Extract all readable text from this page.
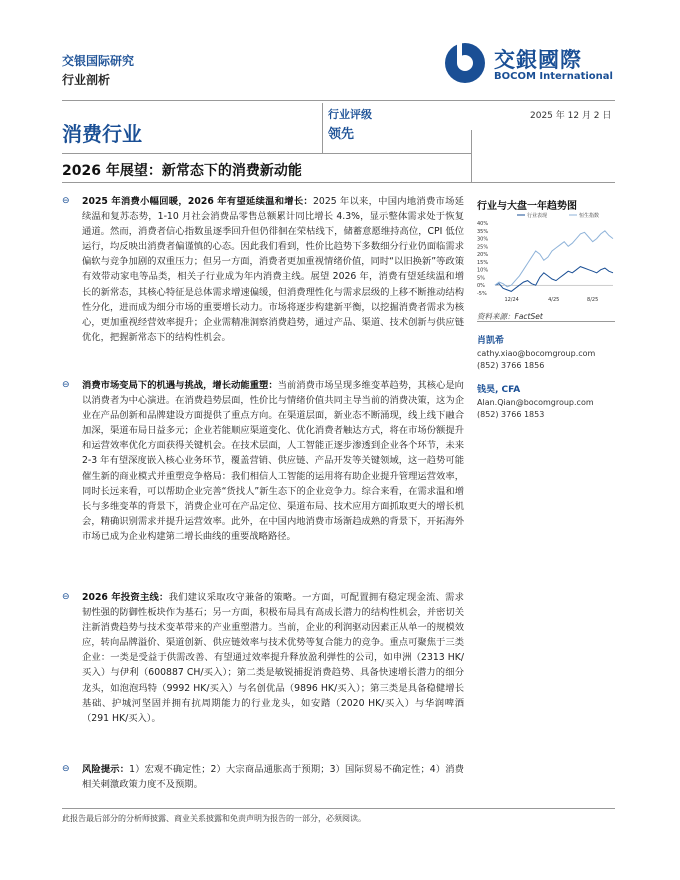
交银国际研究
行业剖析
交銀國際
BOCOM International
消费行业
行业评级
领先
2025 年 12 月 2 日
2026 年展望：新常态下的消费新动能
⊖	2025 年消费小幅回暖，2026 年有望延续温和增长：2025 年以来，中国内地消费市场延续温和复苏态势，1-10 月社会消费品零售总额累计同比增长 4.3%，显示整体需求处于恢复通道。然而，消费者信心指数虽逐季回升但仍徘徊在荣枯线下，储蓄意愿维持高位，CPI 低位运行，均反映出消费者偏谨慎的心态。因此我们看到，性价比趋势下多数细分行业仍面临需求偏软与竞争加剧的双重压力；但另一方面，消费者更加重视情绪价值，同时“以旧换新”等政策有效带动家电等品类，相关子行业成为年内消费主线。展望 2026 年，消费有望延续温和增长的新常态，其核心特征是总体需求增速偏缓，但消费理性化与需求层级的上移不断推动结构性分化，进而成为细分市场的重要增长动力。市场将逐步构建新平衡，以挖掘消费者需求为核心，更加重视经营效率提升；企业需精准洞察消费趋势，通过产品、渠道、技术创新与供应链优化，把握新常态下的结构性机会。
⊖	消费市场变局下的机遇与挑战，增长动能重塑：当前消费市场呈现多维变革趋势，其核心是向以消费者为中心演进。在消费趋势层面，性价比与情绪价值共同主导当前的消费决策，这为企业在产品创新和品牌建设方面提供了重点方向。在渠道层面，新业态不断涌现，线上线下融合加深，渠道布局日益多元；企业若能顺应渠道变化、优化消费者触达方式，将在市场份额提升和运营效率优化方面获得关键机会。在技术层面，人工智能正逐步渗透到企业各个环节，未来 2-3 年有望深度嵌入核心业务环节，覆盖营销、供应链、产品开发等关键领域，这一趋势可能催生新的商业模式并重塑竞争格局：我们相信人工智能的运用将有助企业提升管理运营效率，同时长远来看，可以帮助企业完善“货找人”新生态下的企业竞争力。综合来看，在需求温和增长与多维变革的背景下，消费企业可在产品定位、渠道布局、技术应用方面抓取更大的增长机会，精确识别需求并提升运营效率。此外，在中国内地消费市场渐趋成熟的背景下，开拓海外市场已成为企业构建第二增长曲线的重要战略路径。
⊖	2026 年投资主线：我们建议采取攻守兼备的策略。一方面，可配置拥有稳定现金流、需求韧性强的防御性板块作为基石；另一方面，积极布局具有高成长潜力的结构性机会，并密切关注新消费趋势与技术变革带来的产业重塑潜力。当前，企业的利润驱动因素正从单一的规模效应，转向品牌溢价、渠道创新、供应链效率与技术优势等复合能力的竞争。重点可聚焦于三类企业：一类是受益于供需改善、有望通过效率提升释放盈利弹性的公司，如申洲（2313 HK/买入）与伊利（600887 CH/买入）；第二类是敏锐捕捉消费趋势、具备快速增长潜力的细分龙头，如泡泡玛特（9992 HK/买入）与名创优品（9896 HK/买入）；第三类是具备稳健增长基础、护城河坚固并拥有抗周期能力的行业龙头，如安踏（2020 HK/买入）与华润啤酒（291 HK/买入）。
⊖	风险提示：1）宏观不确定性；2）大宗商品通胀高于预期；3）国际贸易不确定性；4）消费相关刺激政策力度不及预期。
行业与大盘一年趋势图
40%
35%
30%
25%
20%
15%
10%
5%
0%
-5%
12/24	4/25	8/25
行业表现	恒生指数
资料来源：FactSet
肖凯希
cathy.xiao@bocomgroup.com
(852) 3766 1856
钱昊, CFA
Alan.Qian@bocomgroup.com
(852) 3766 1853
此报告最后部分的分析师披露、商业关系披露和免责声明为报告的一部分，必须阅读。
